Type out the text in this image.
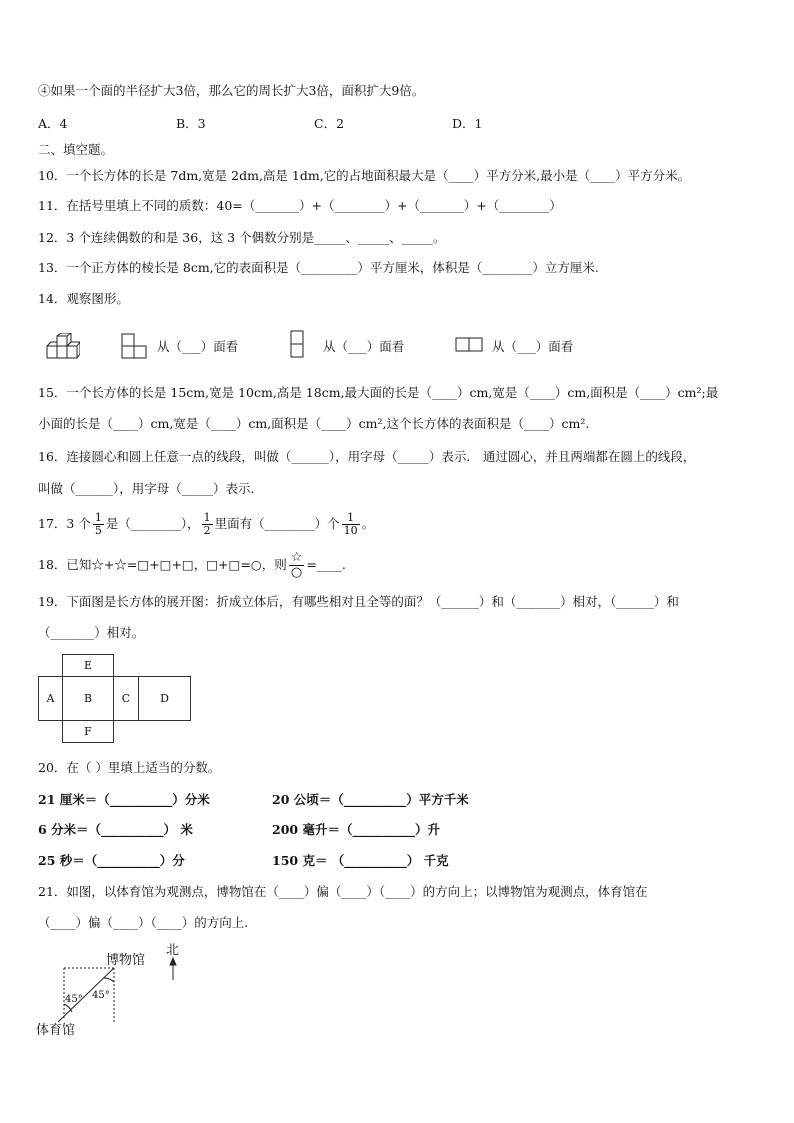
④如果一个面的半径扩大3倍，那么它的周长扩大3倍，面积扩大9倍。
A．4	B．3	C．2	D．1
二、填空题。
10．一个长方体的长是 7dm,宽是 2dm,高是 1dm,它的占地面积最大是（____）平方分米,最小是（____）平方分米。
11．在括号里填上不同的质数：40=（_______）+（________）+（_______）+（________）
12．3 个连续偶数的和是 36，这 3 个偶数分别是_____、_____、_____。
13．一个正方体的棱长是 8cm,它的表面积是（_________）平方厘米，体积是（________）立方厘米.
14．观察图形。
从（___）面看	从（___）面看	从（___）面看
15．一个长方体的长是 15cm,宽是 10cm,高是 18cm,最大面的长是（____）cm,宽是（____）cm,面积是（____）cm²;最
小面的长是（____）cm,宽是（____）cm,面积是（____）cm²,这个长方体的表面积是（____）cm².
16．连接圆心和圆上任意一点的线段，叫做（______），用字母（_____）表示． 通过圆心，并且两端都在圆上的线段，
叫做（______），用字母（_____）表示.
17．3 个 $\frac{1}{5}$ 是（________）， $\frac{1}{2}$ 里面有（________）个 $\frac{1}{10}$ 。
18．已知☆+☆=□+□+□，□+□=○，则 $\frac{☆}{○}$ =____.
19．下面图是长方体的展开图：折成立体后，有哪些相对且全等的面？（______）和（_______）相对，（______）和
（_______）相对。
E
A	B	C	D
F
20．在（ ）里填上适当的分数。
21 厘米＝（__________）分米	20 公顷＝（__________）平方千米
6 分米＝（__________） 米	200 毫升＝（__________）升
25 秒＝（__________）分	150 克＝ （__________） 千克
21．如图，以体育馆为观测点，博物馆在（____）偏（____）（____）的方向上；以博物馆为观测点，体育馆在
（____）偏（____）（____）的方向上.
博物馆
体育馆
北
45° 45°
